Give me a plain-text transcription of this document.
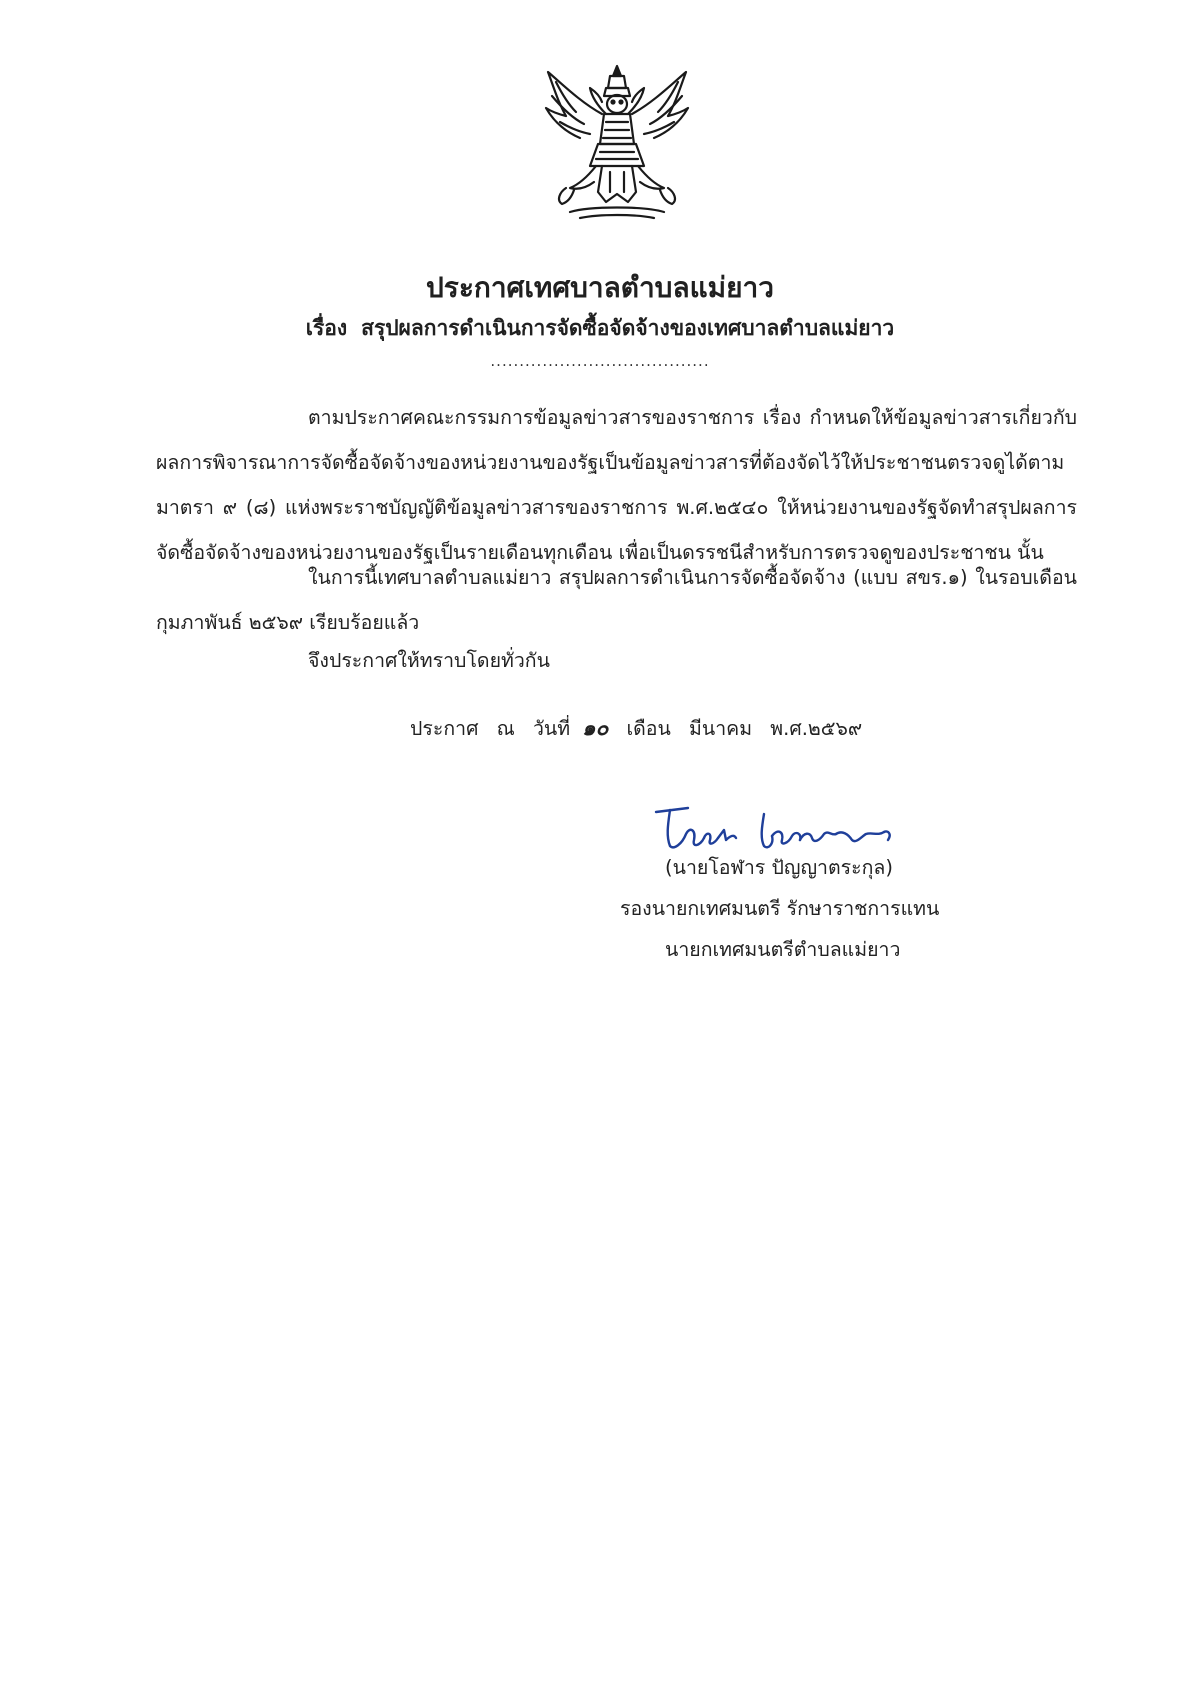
ประกาศเทศบาลตำบลแม่ยาว
เรื่อง สรุปผลการดำเนินการจัดซื้อจัดจ้างของเทศบาลตำบลแม่ยาว
......................................
ตามประกาศคณะกรรมการข้อมูลข่าวสารของราชการ เรื่อง กำหนดให้ข้อมูลข่าวสารเกี่ยวกับผลการพิจารณาการจัดซื้อจัดจ้างของหน่วยงานของรัฐเป็นข้อมูลข่าวสารที่ต้องจัดไว้ให้ประชาชนตรวจดูได้ตามมาตรา ๙ (๘) แห่งพระราชบัญญัติข้อมูลข่าวสารของราชการ พ.ศ.๒๕๔๐ ให้หน่วยงานของรัฐจัดทำสรุปผลการจัดซื้อจัดจ้างของหน่วยงานของรัฐเป็นรายเดือนทุกเดือน เพื่อเป็นดรรชนีสำหรับการตรวจดูของประชาชน นั้น
ในการนี้เทศบาลตำบลแม่ยาว สรุปผลการดำเนินการจัดซื้อจัดจ้าง (แบบ สขร.๑) ในรอบเดือนกุมภาพันธ์ ๒๕๖๙ เรียบร้อยแล้ว
จึงประกาศให้ทราบโดยทั่วกัน
ประกาศ ณ วันที่ ๑๐ เดือน มีนาคม พ.ศ.๒๕๖๙
(นายโอฬาร ปัญญาตระกุล)
รองนายกเทศมนตรี รักษาราชการแทน
นายกเทศมนตรีตำบลแม่ยาว
